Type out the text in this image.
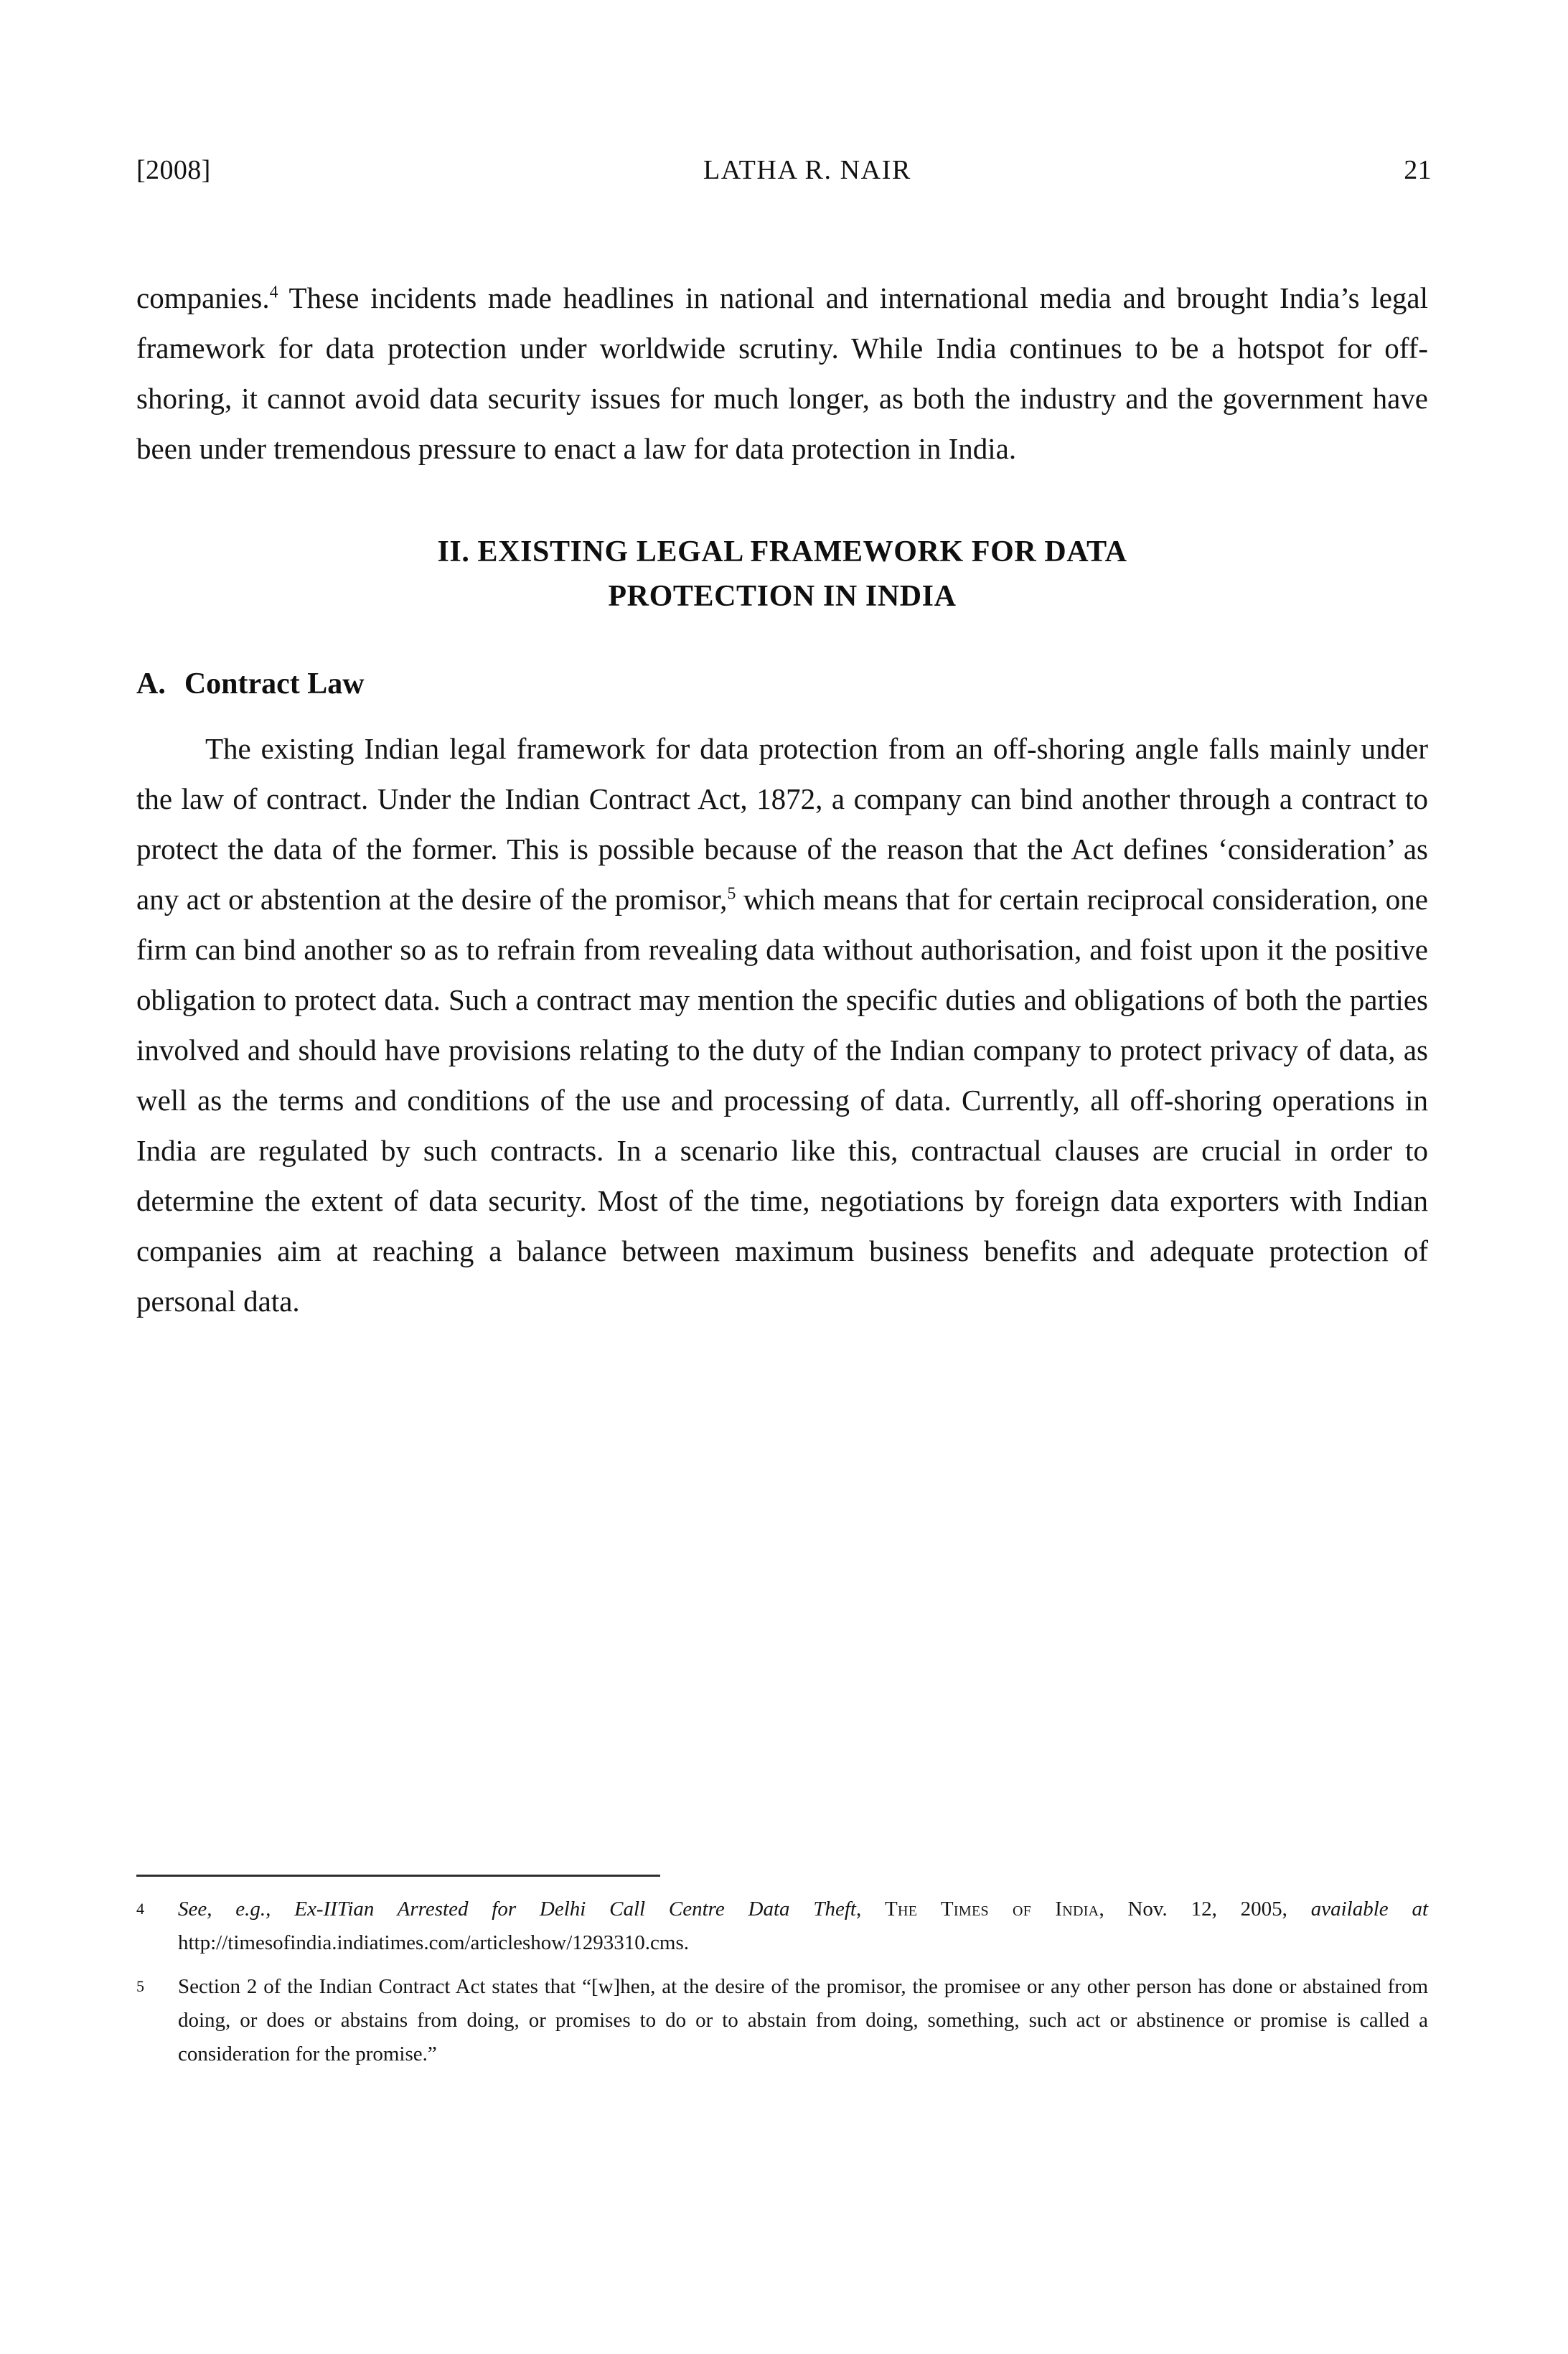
[2008]	LATHA R. NAIR	21

companies.$^4$ These incidents made headlines in national and international media and brought India’s legal framework for data protection under worldwide scrutiny. While India continues to be a hotspot for off-shoring, it cannot avoid data security issues for much longer, as both the industry and the government have been under tremendous pressure to enact a law for data protection in India.

II. EXISTING LEGAL FRAMEWORK FOR DATA
PROTECTION IN INDIA
A. Contract Law

The existing Indian legal framework for data protection from an off-shoring angle falls mainly under the law of contract. Under the Indian Contract Act, 1872, a company can bind another through a contract to protect the data of the former. This is possible because of the reason that the Act defines ‘consideration’ as any act or abstention at the desire of the promisor,$^5$ which means that for certain reciprocal consideration, one firm can bind another so as to refrain from revealing data without authorisation, and foist upon it the positive obligation to protect data. Such a contract may mention the specific duties and obligations of both the parties involved and should have provisions relating to the duty of the Indian company to protect privacy of data, as well as the terms and conditions of the use and processing of data. Currently, all off-shoring operations in India are regulated by such contracts. In a scenario like this, contractual clauses are crucial in order to determine the extent of data security. Most of the time, negotiations by foreign data exporters with Indian companies aim at reaching a balance between maximum business benefits and adequate protection of personal data.

4	See, e.g., Ex-IITian Arrested for Delhi Call Centre Data Theft, The Times of India, Nov. 12, 2005, available at http://timesofindia.indiatimes.com/articleshow/1293310.cms.
5	Section 2 of the Indian Contract Act states that “[w]hen, at the desire of the promisor, the promisee or any other person has done or abstained from doing, or does or abstains from doing, or promises to do or to abstain from doing, something, such act or abstinence or promise is called a consideration for the promise.”
